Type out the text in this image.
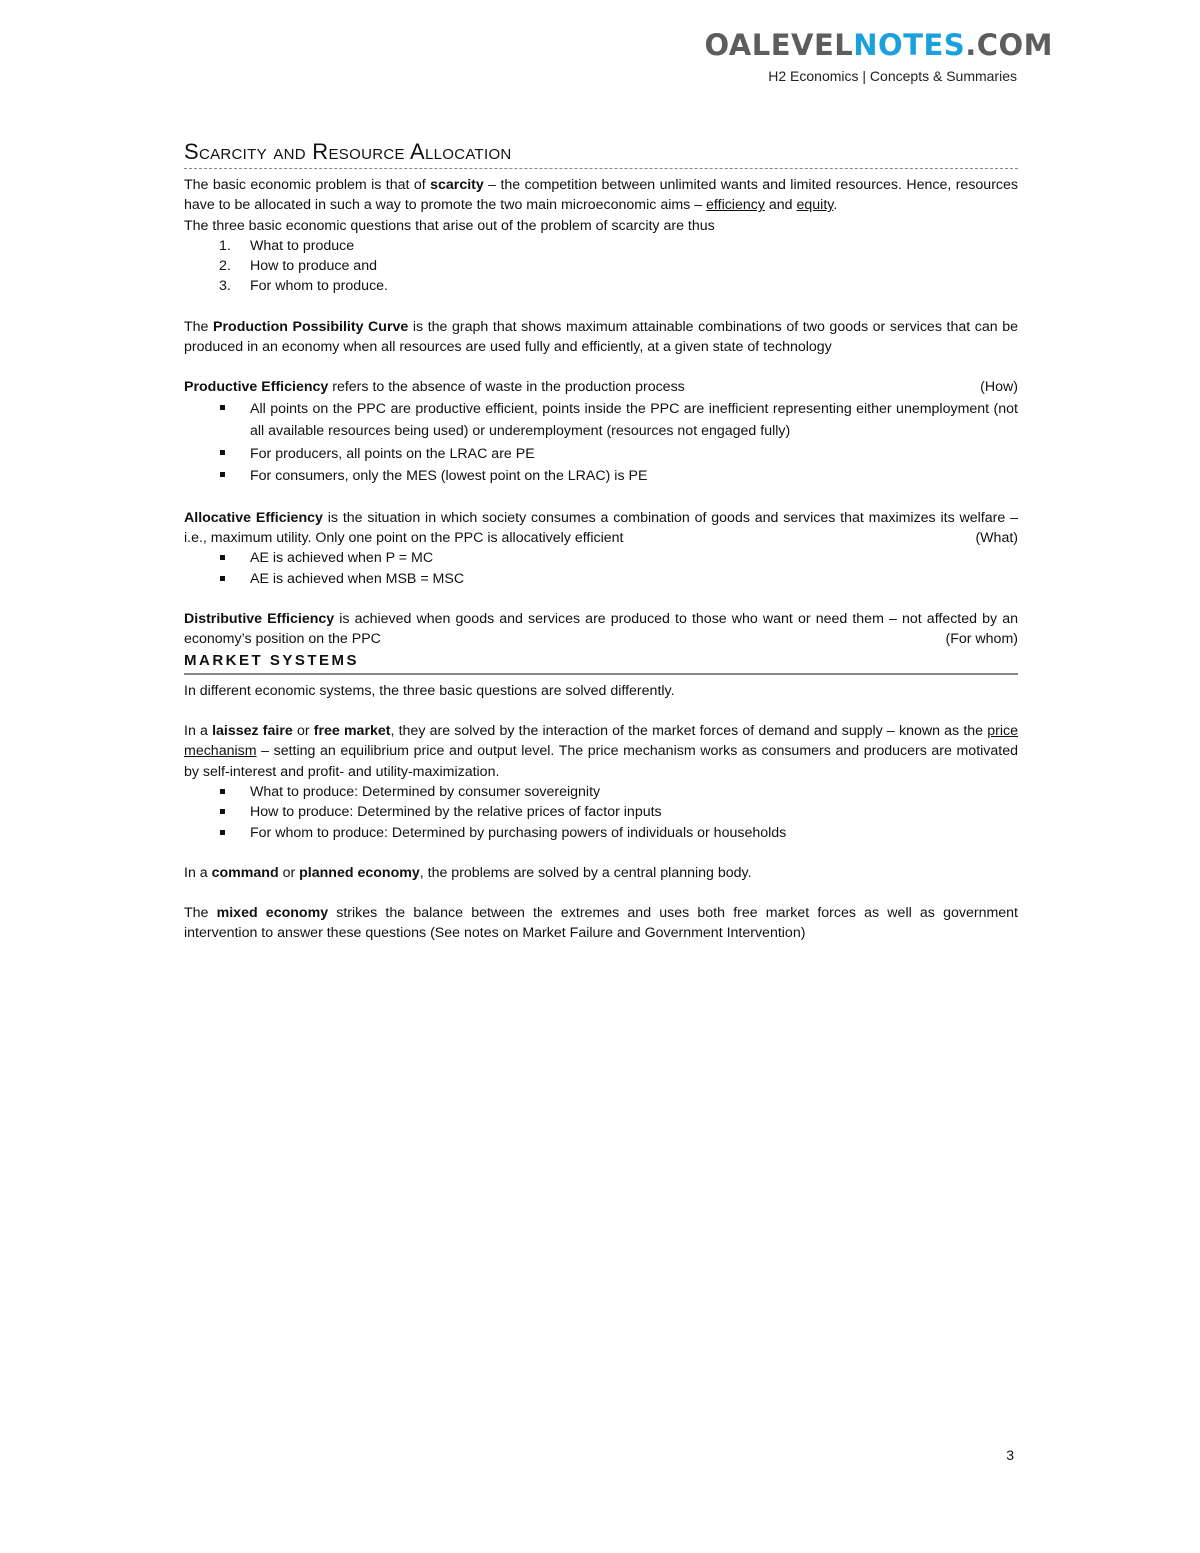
OALEVELNOTES.COM
H2 Economics | Concepts & Summaries
Scarcity and Resource Allocation

The basic economic problem is that of scarcity – the competition between unlimited wants and limited resources. Hence, resources have to be allocated in such a way to promote the two main microeconomic aims – efficiency and equity.

The three basic economic questions that arise out of the problem of scarcity are thus

1. What to produce
2. How to produce and
3. For whom to produce.

The Production Possibility Curve is the graph that shows maximum attainable combinations of two goods or services that can be produced in an economy when all resources are used fully and efficiently, at a given state of technology

Productive Efficiency refers to the absence of waste in the production process	(How)

All points on the PPC are productive efficient, points inside the PPC are inefficient representing either unemployment (not all available resources being used) or underemployment (resources not engaged fully)
For producers, all points on the LRAC are PE
For consumers, only the MES (lowest point on the LRAC) is PE

Allocative Efficiency is the situation in which society consumes a combination of goods and services that maximizes its welfare – i.e., maximum utility. Only one point on the PPC is allocatively efficient	(What)

AE is achieved when P = MC
AE is achieved when MSB = MSC

Distributive Efficiency is achieved when goods and services are produced to those who want or need them – not affected by an economy’s position on the PPC	(For whom)

MARKET SYSTEMS

In different economic systems, the three basic questions are solved differently.

In a laissez faire or free market, they are solved by the interaction of the market forces of demand and supply – known as the price mechanism – setting an equilibrium price and output level. The price mechanism works as consumers and producers are motivated by self-interest and profit- and utility-maximization.

What to produce: Determined by consumer sovereignity
How to produce: Determined by the relative prices of factor inputs
For whom to produce: Determined by purchasing powers of individuals or households

In a command or planned economy, the problems are solved by a central planning body.

The mixed economy strikes the balance between the extremes and uses both free market forces as well as government intervention to answer these questions (See notes on Market Failure and Government Intervention)

3
